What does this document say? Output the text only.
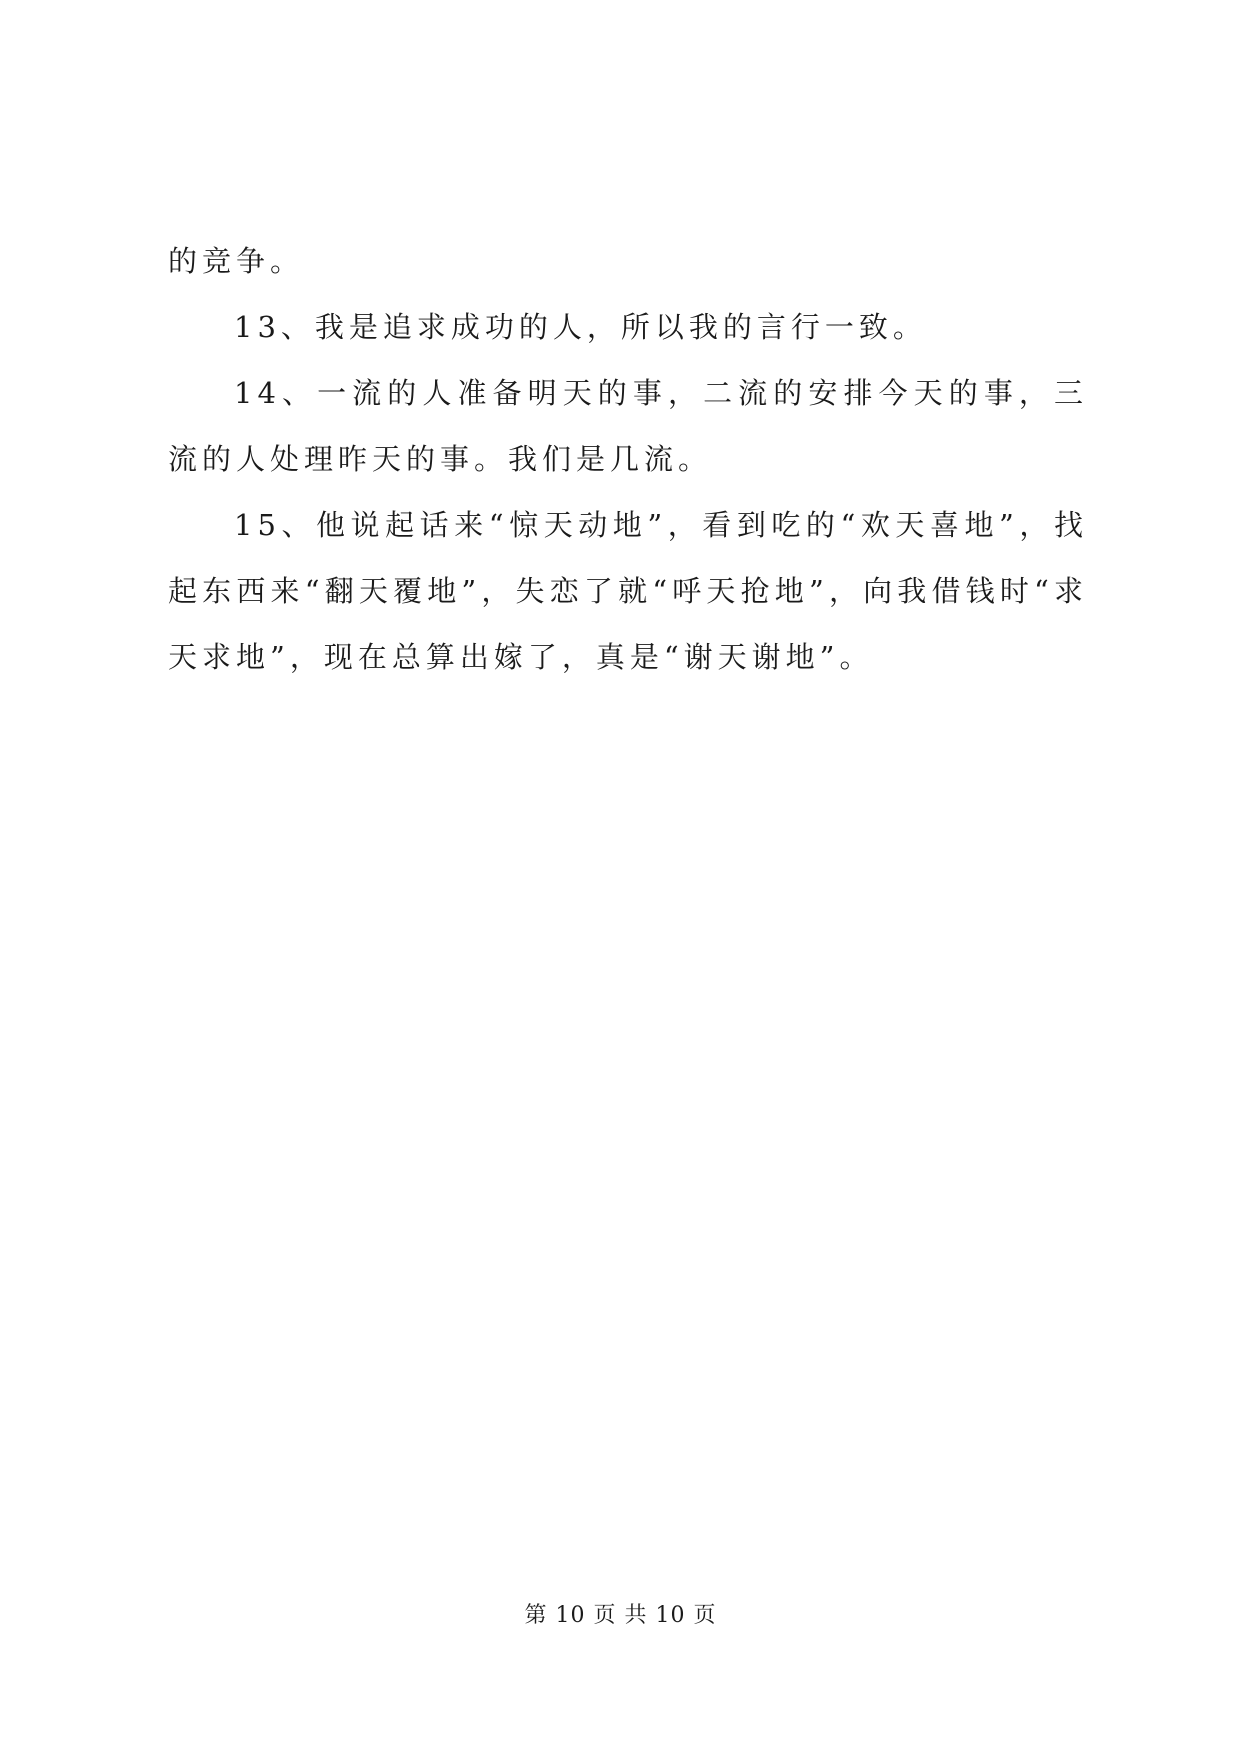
的竞争。

13、我是追求成功的人，所以我的言行一致。

14、一流的人准备明天的事，二流的安排今天的事，三流的人处理昨天的事。我们是几流。

15、他说起话来“惊天动地”，看到吃的“欢天喜地”，找起东西来“翻天覆地”，失恋了就“呼天抢地”，向我借钱时“求天求地”，现在总算出嫁了，真是“谢天谢地”。

第 10 页 共 10 页
